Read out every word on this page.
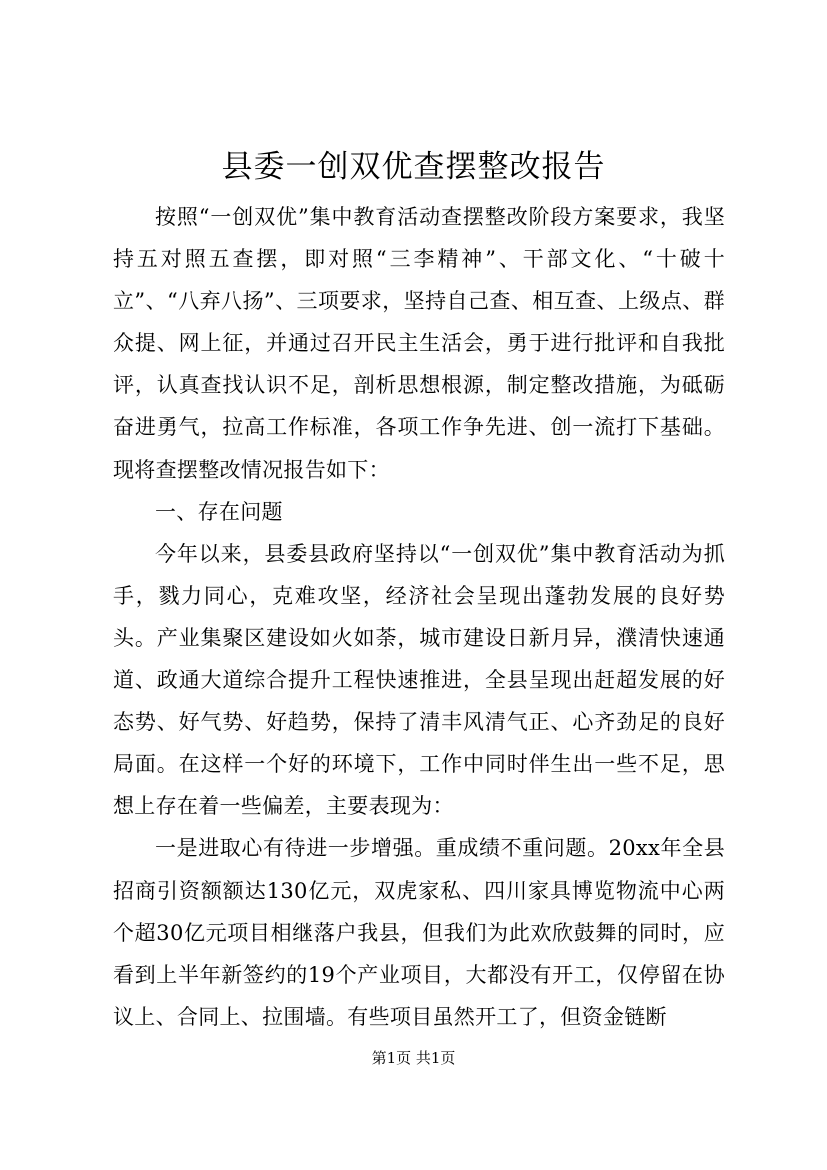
县委一创双优查摆整改报告

按照“一创双优”集中教育活动查摆整改阶段方案要求，我坚持五对照五查摆，即对照“三李精神”、干部文化、“十破十立”、“八弃八扬”、三项要求，坚持自己查、相互查、上级点、群众提、网上征，并通过召开民主生活会，勇于进行批评和自我批评，认真查找认识不足，剖析思想根源，制定整改措施，为砥砺奋进勇气，拉高工作标准，各项工作争先进、创一流打下基础。现将查摆整改情况报告如下：

一、存在问题

今年以来，县委县政府坚持以“一创双优”集中教育活动为抓手，戮力同心，克难攻坚，经济社会呈现出蓬勃发展的良好势头。产业集聚区建设如火如荼，城市建设日新月异，濮清快速通道、政通大道综合提升工程快速推进，全县呈现出赶超发展的好态势、好气势、好趋势，保持了清丰风清气正、心齐劲足的良好局面。在这样一个好的环境下，工作中同时伴生出一些不足，思想上存在着一些偏差，主要表现为：

一是进取心有待进一步增强。重成绩不重问题。20xx年全县招商引资额额达130亿元，双虎家私、四川家具博览物流中心两个超30亿元项目相继落户我县，但我们为此欢欣鼓舞的同时，应看到上半年新签约的19个产业项目，大都没有开工，仅停留在协议上、合同上、拉围墙。有些项目虽然开工了，但资金链断

第1页 共1页
